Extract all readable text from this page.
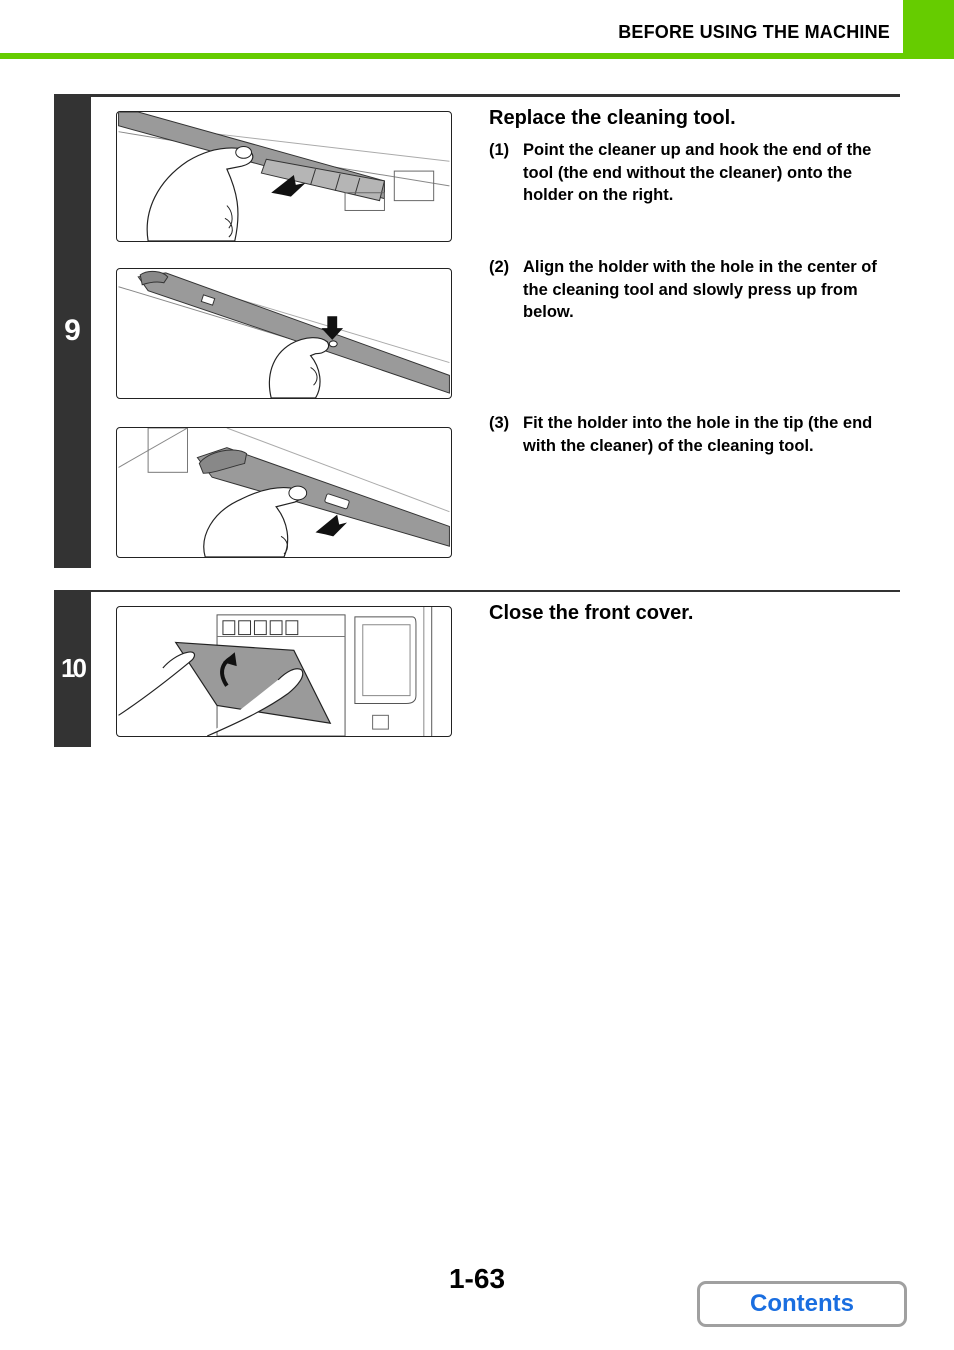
BEFORE USING THE MACHINE
9
Replace the cleaning tool.
(1) Point the cleaner up and hook the end of the tool (the end without the cleaner) onto the holder on the right.
(2) Align the holder with the hole in the center of the cleaning tool and slowly press up from below.
(3) Fit the holder into the hole in the tip (the end with the cleaner) of the cleaning tool.
10
Close the front cover.
1-63
Contents
